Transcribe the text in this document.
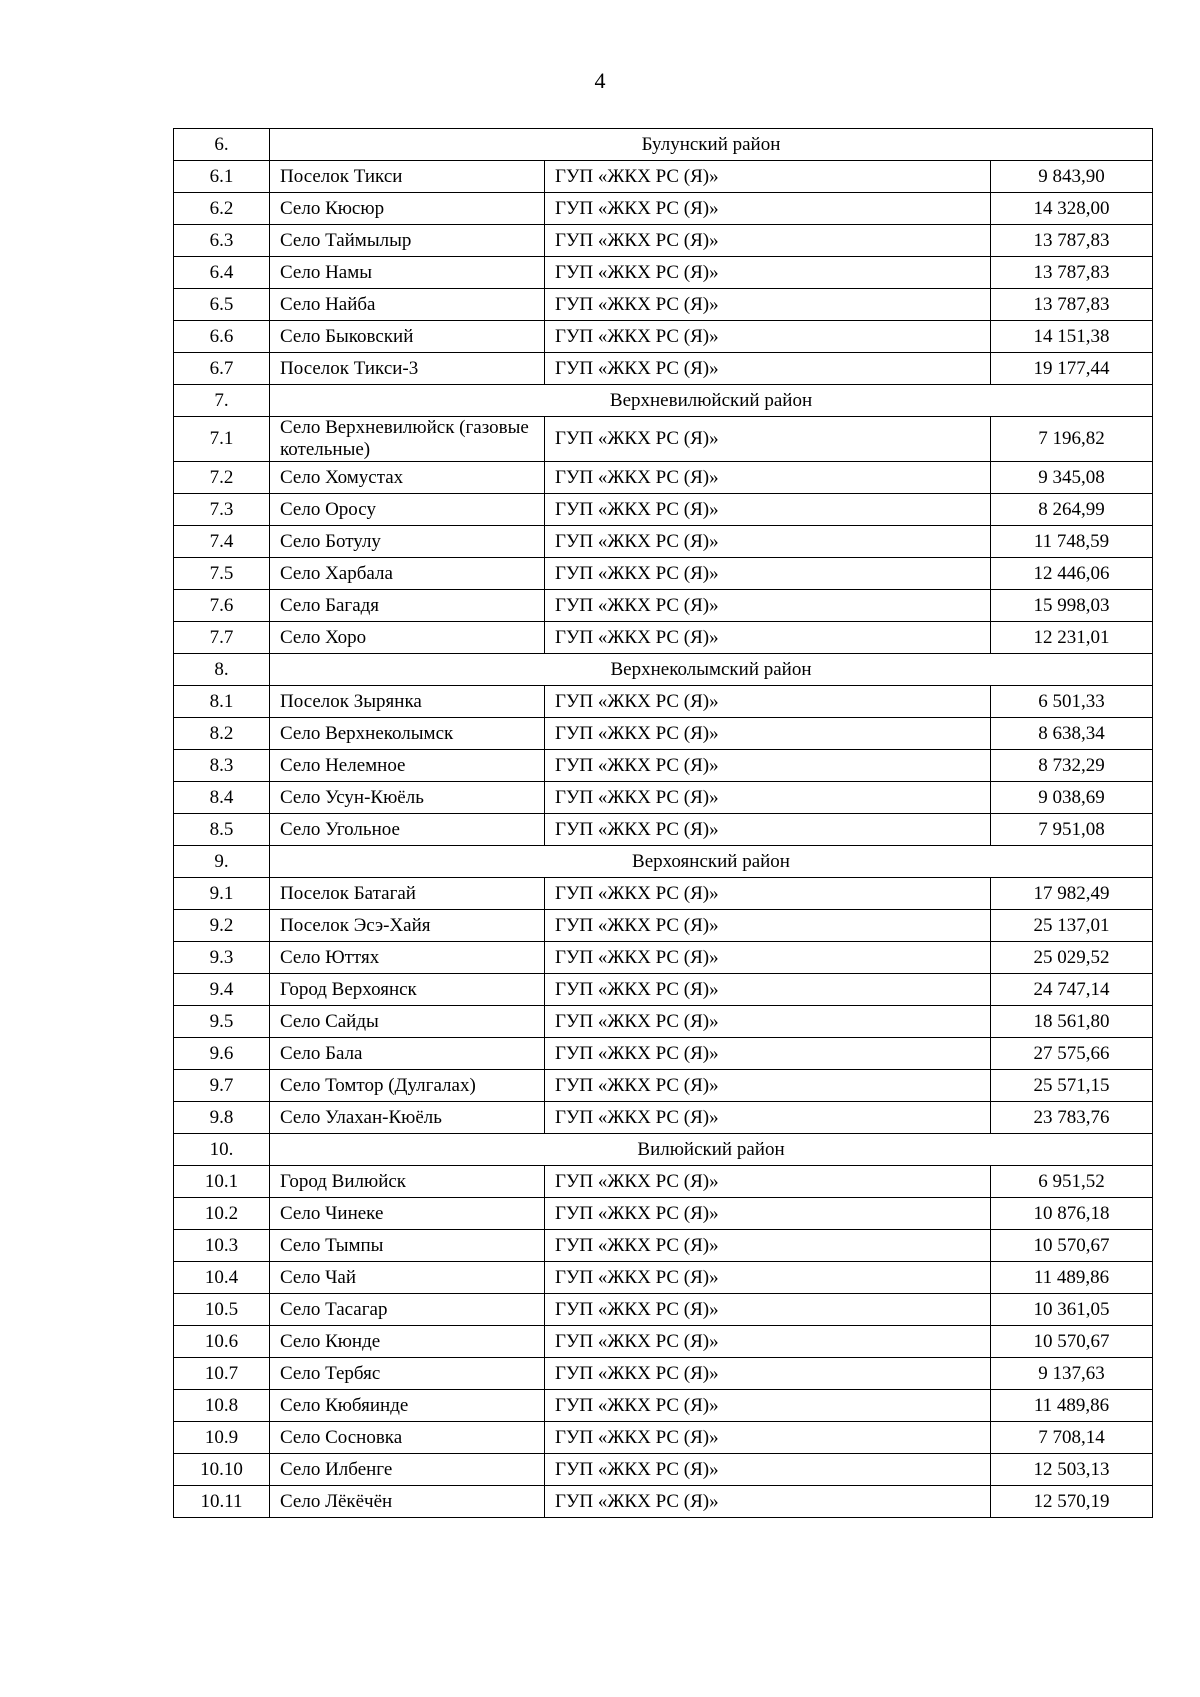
4
6.	Булунский район		
6.1	Поселок Тикси	ГУП «ЖКХ РС (Я)»	9 843,90
6.2	Село Кюсюр	ГУП «ЖКХ РС (Я)»	14 328,00
6.3	Село Таймылыр	ГУП «ЖКХ РС (Я)»	13 787,83
6.4	Село Намы	ГУП «ЖКХ РС (Я)»	13 787,83
6.5	Село Найба	ГУП «ЖКХ РС (Я)»	13 787,83
6.6	Село Быковский	ГУП «ЖКХ РС (Я)»	14 151,38
6.7	Поселок Тикси-3	ГУП «ЖКХ РС (Я)»	19 177,44
7.	Верхневилюйский район		
7.1	Село Верхневилюйск (газовые котельные)	ГУП «ЖКХ РС (Я)»	7 196,82
7.2	Село Хомустах	ГУП «ЖКХ РС (Я)»	9 345,08
7.3	Село Оросу	ГУП «ЖКХ РС (Я)»	8 264,99
7.4	Село Ботулу	ГУП «ЖКХ РС (Я)»	11 748,59
7.5	Село Харбала	ГУП «ЖКХ РС (Я)»	12 446,06
7.6	Село Багадя	ГУП «ЖКХ РС (Я)»	15 998,03
7.7	Село Хоро	ГУП «ЖКХ РС (Я)»	12 231,01
8.	Верхнеколымский район		
8.1	Поселок Зырянка	ГУП «ЖКХ РС (Я)»	6 501,33
8.2	Село Верхнеколымск	ГУП «ЖКХ РС (Я)»	8 638,34
8.3	Село Нелемное	ГУП «ЖКХ РС (Я)»	8 732,29
8.4	Село Усун-Кюёль	ГУП «ЖКХ РС (Я)»	9 038,69
8.5	Село Угольное	ГУП «ЖКХ РС (Я)»	7 951,08
9.	Верхоянский район		
9.1	Поселок Батагай	ГУП «ЖКХ РС (Я)»	17 982,49
9.2	Поселок Эсэ-Хайя	ГУП «ЖКХ РС (Я)»	25 137,01
9.3	Село Юттях	ГУП «ЖКХ РС (Я)»	25 029,52
9.4	Город Верхоянск	ГУП «ЖКХ РС (Я)»	24 747,14
9.5	Село Сайды	ГУП «ЖКХ РС (Я)»	18 561,80
9.6	Село Бала	ГУП «ЖКХ РС (Я)»	27 575,66
9.7	Село Томтор (Дулгалах)	ГУП «ЖКХ РС (Я)»	25 571,15
9.8	Село Улахан-Кюёль	ГУП «ЖКХ РС (Я)»	23 783,76
10.	Вилюйский район		
10.1	Город Вилюйск	ГУП «ЖКХ РС (Я)»	6 951,52
10.2	Село Чинеке	ГУП «ЖКХ РС (Я)»	10 876,18
10.3	Село Тымпы	ГУП «ЖКХ РС (Я)»	10 570,67
10.4	Село Чай	ГУП «ЖКХ РС (Я)»	11 489,86
10.5	Село Тасагар	ГУП «ЖКХ РС (Я)»	10 361,05
10.6	Село Кюнде	ГУП «ЖКХ РС (Я)»	10 570,67
10.7	Село Тербяс	ГУП «ЖКХ РС (Я)»	9 137,63
10.8	Село Кюбяинде	ГУП «ЖКХ РС (Я)»	11 489,86
10.9	Село Сосновка	ГУП «ЖКХ РС (Я)»	7 708,14
10.10	Село Илбенге	ГУП «ЖКХ РС (Я)»	12 503,13
10.11	Село Лёкёчён	ГУП «ЖКХ РС (Я)»	12 570,19
